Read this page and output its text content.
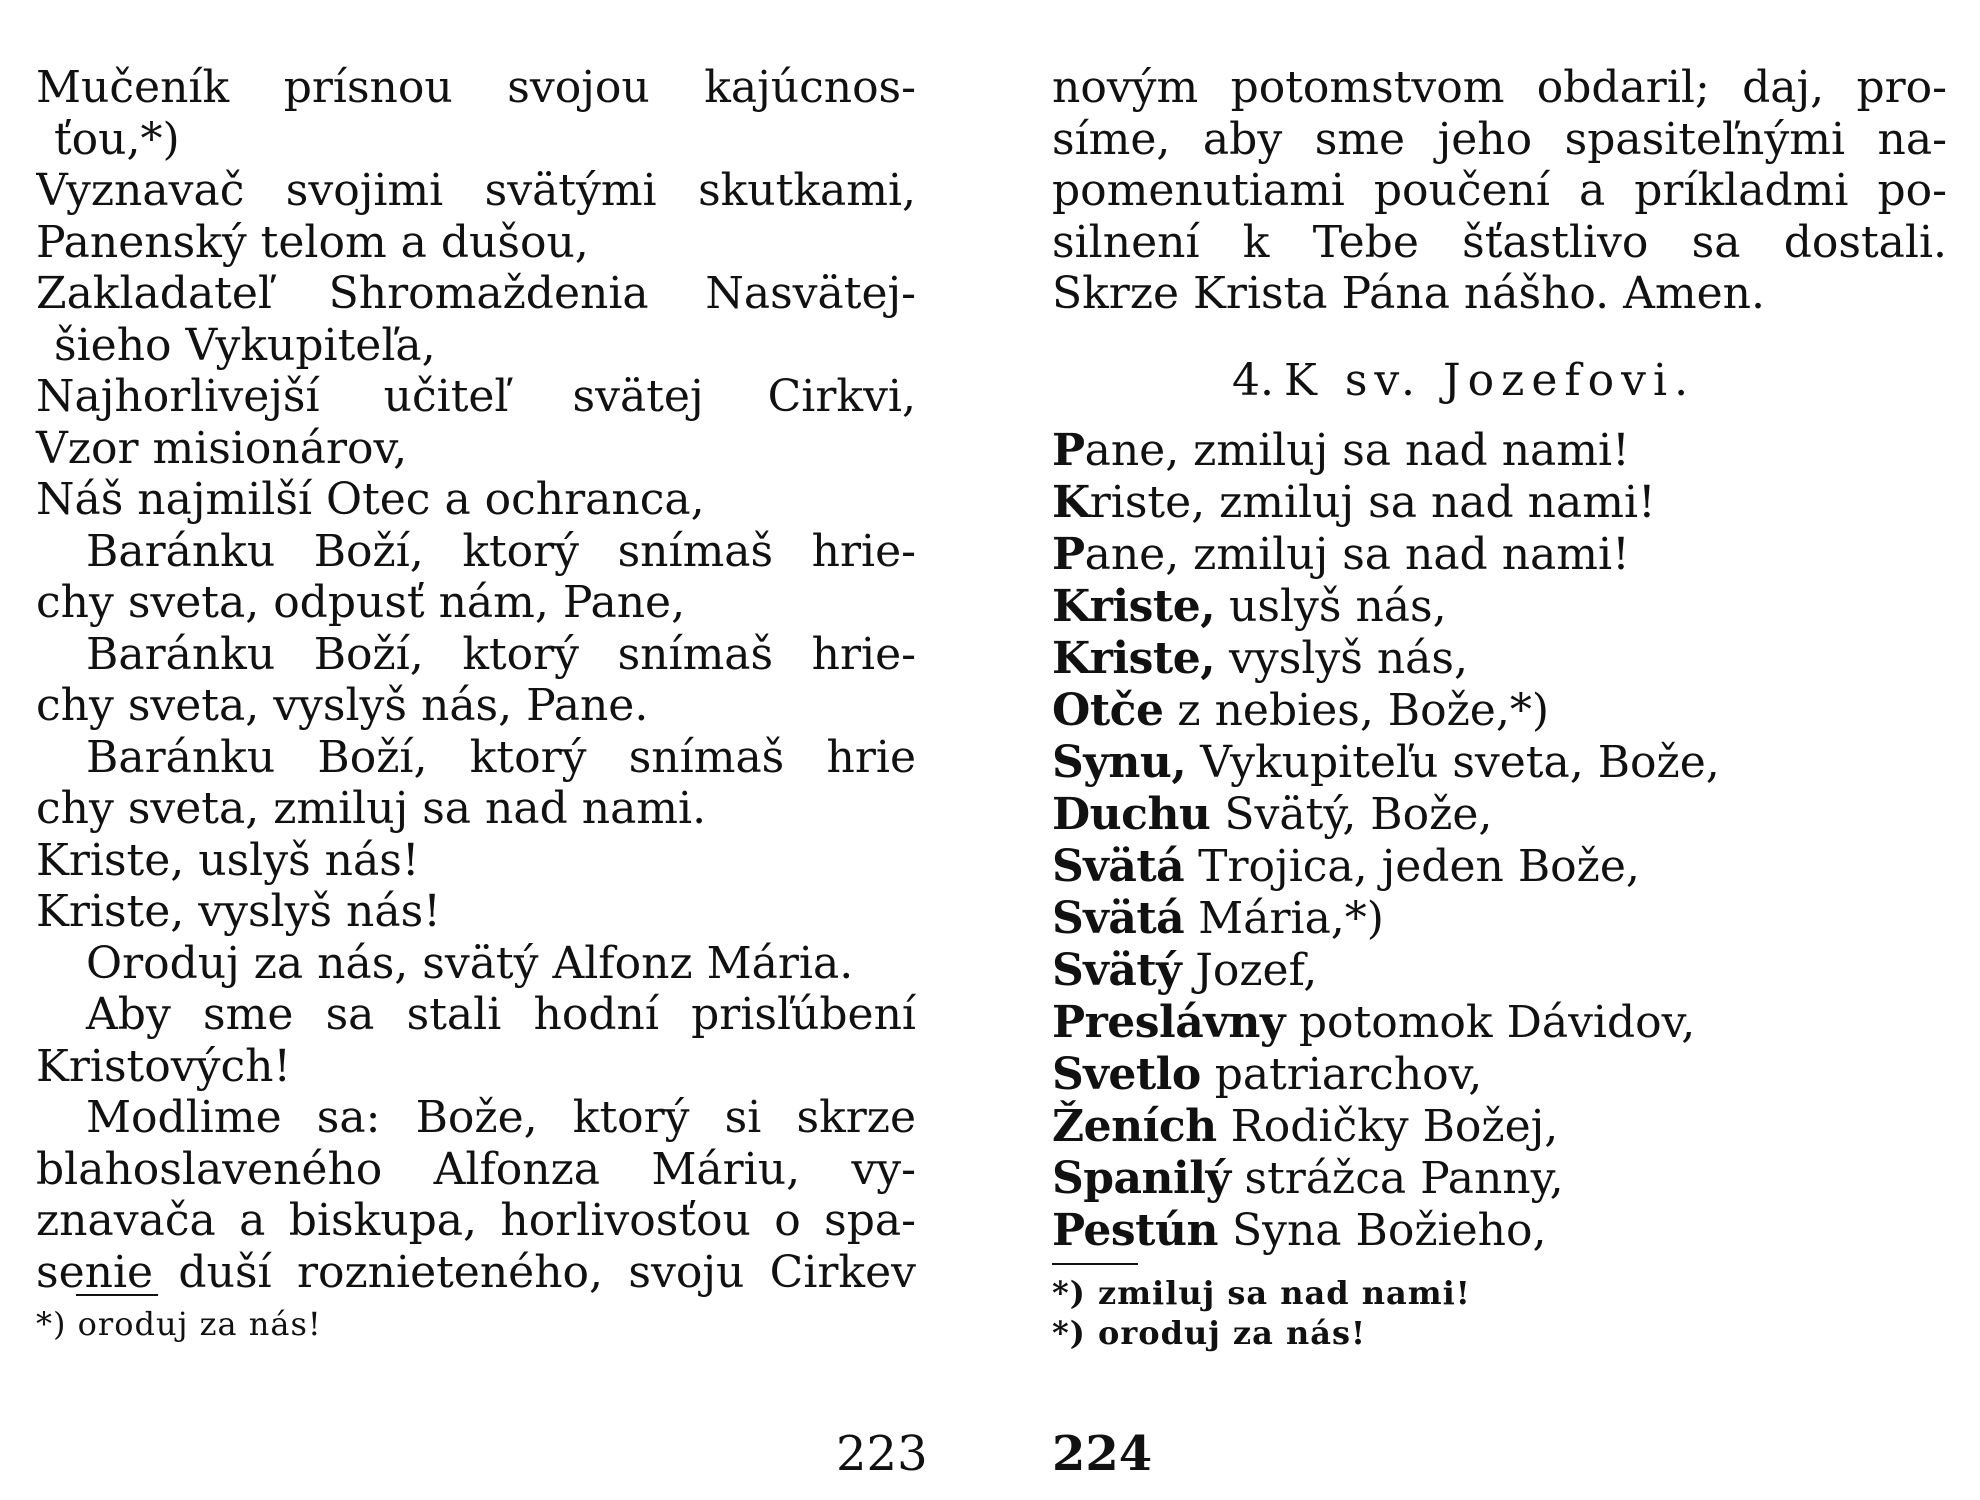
Mučeník prísnou svojou kajúcnos-
ťou,*)
Vyznavač svojimi svätými skutkami,
Panenský telom a dušou,
Zakladateľ Shromaždenia Nasvätej-
šieho Vykupiteľa,
Najhorlivejší učiteľ svätej Cirkvi,
Vzor misionárov,
Náš najmilší Otec a ochranca,
Baránku Boží, ktorý snímaš hrie-
chy sveta, odpusť nám, Pane,
Baránku Boží, ktorý snímaš hrie-
chy sveta, vyslyš nás, Pane.
Baránku Boží, ktorý snímaš hrie
chy sveta, zmiluj sa nad nami.
Kriste, uslyš nás!
Kriste, vyslyš nás!
Oroduj za nás, svätý Alfonz Mária.
Aby sme sa stali hodní prisľúbení
Kristových!
Modlime sa: Bože, ktorý si skrze
blahoslaveného Alfonza Máriu, vy-
znavača a biskupa, horlivosťou o spa-
senie duší roznieteného, svoju Cirkev
*) oroduj za nás!
novým potomstvom obdaril; daj, pro-
síme, aby sme jeho spasiteľnými na-
pomenutiami poučení a príkladmi po-
silnení k Tebe šťastlivo sa dostali.
Skrze Krista Pána nášho. Amen.
4. K sv. Jozefovi.
Pane, zmiluj sa nad nami!
Kriste, zmiluj sa nad nami!
Pane, zmiluj sa nad nami!
Kriste, uslyš nás,
Kriste, vyslyš nás,
Otče z nebies, Bože,*)
Synu, Vykupiteľu sveta, Bože,
Duchu Svätý, Bože,
Svätá Trojica, jeden Bože,
Svätá Mária,*)
Svätý Jozef,
Preslávny potomok Dávidov,
Svetlo patriarchov,
Ženích Rodičky Božej,
Spanilý strážca Panny,
Pestún Syna Božieho,
*) zmiluj sa nad nami!
*) oroduj za nás!
223	224
